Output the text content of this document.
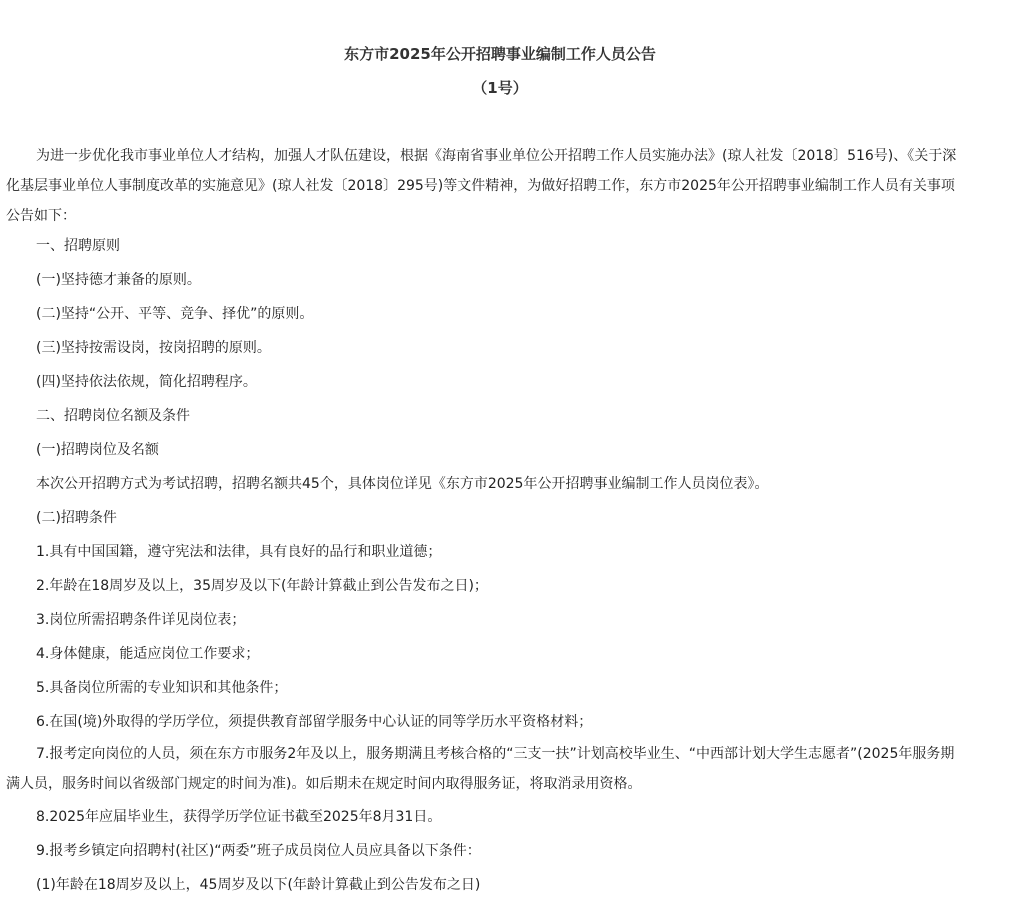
东方市2025年公开招聘事业编制工作人员公告
（1号）

为进一步优化我市事业单位人才结构，加强人才队伍建设，根据《海南省事业单位公开招聘工作人员实施办法》(琼人社发〔2018〕516号)、《关于深化基层事业单位人事制度改革的实施意见》(琼人社发〔2018〕295号)等文件精神，为做好招聘工作，东方市2025年公开招聘事业编制工作人员有关事项公告如下：

一、招聘原则

(一)坚持德才兼备的原则。

(二)坚持“公开、平等、竞争、择优”的原则。

(三)坚持按需设岗，按岗招聘的原则。

(四)坚持依法依规，简化招聘程序。

二、招聘岗位名额及条件

(一)招聘岗位及名额

本次公开招聘方式为考试招聘，招聘名额共45个，具体岗位详见《东方市2025年公开招聘事业编制工作人员岗位表》。

(二)招聘条件

1.具有中国国籍，遵守宪法和法律，具有良好的品行和职业道德；

2.年龄在18周岁及以上，35周岁及以下(年龄计算截止到公告发布之日)；

3.岗位所需招聘条件详见岗位表；

4.身体健康，能适应岗位工作要求；

5.具备岗位所需的专业知识和其他条件；

6.在国(境)外取得的学历学位，须提供教育部留学服务中心认证的同等学历水平资格材料；

7.报考定向岗位的人员，须在东方市服务2年及以上，服务期满且考核合格的“三支一扶”计划高校毕业生、“中西部计划大学生志愿者”(2025年服务期满人员，服务时间以省级部门规定的时间为准)。如后期未在规定时间内取得服务证，将取消录用资格。

8.2025年应届毕业生，获得学历学位证书截至2025年8月31日。

9.报考乡镇定向招聘村(社区)“两委”班子成员岗位人员应具备以下条件：

(1)年龄在18周岁及以上，45周岁及以下(年龄计算截止到公告发布之日)
